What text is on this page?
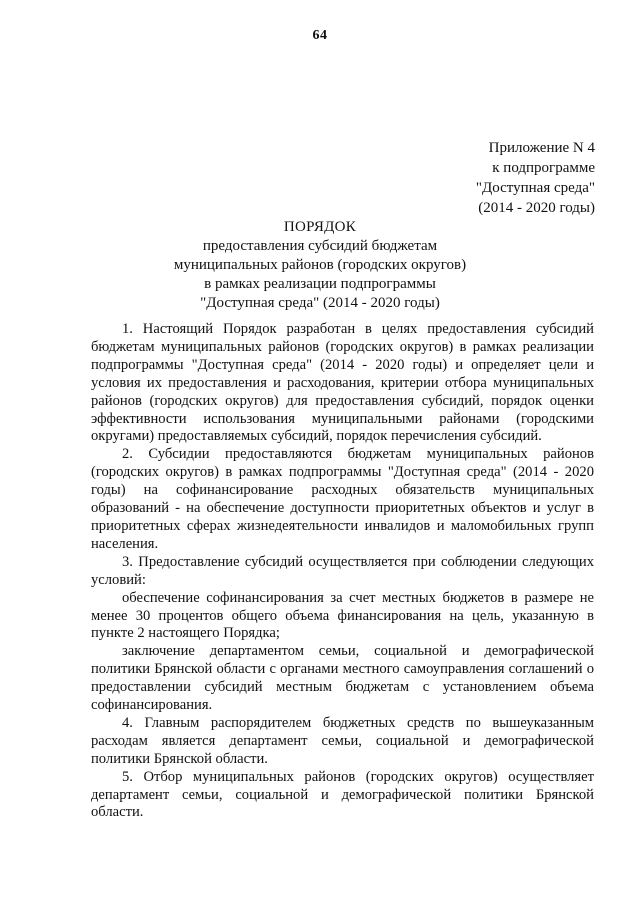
64
Приложение N 4
к подпрограмме
"Доступная среда"
(2014 - 2020 годы)
ПОРЯДОК
предоставления субсидий бюджетам
муниципальных районов (городских округов)
в рамках реализации подпрограммы
"Доступная среда" (2014 - 2020 годы)

1. Настоящий Порядок разработан в целях предоставления субсидий бюджетам муниципальных районов (городских округов) в рамках реализации подпрограммы "Доступная среда" (2014 - 2020 годы) и определяет цели и условия их предоставления и расходования, критерии отбора муниципальных районов (городских округов) для предоставления субсидий, порядок оценки эффективности использования муниципальными районами (городскими округами) предоставляемых субсидий, порядок перечисления субсидий.

2. Субсидии предоставляются бюджетам муниципальных районов (городских округов) в рамках подпрограммы "Доступная среда" (2014 - 2020 годы) на софинансирование расходных обязательств муниципальных образований - на обеспечение доступности приоритетных объектов и услуг в приоритетных сферах жизнедеятельности инвалидов и маломобильных групп населения.

3. Предоставление субсидий осуществляется при соблюдении следующих условий:

обеспечение софинансирования за счет местных бюджетов в размере не менее 30 процентов общего объема финансирования на цель, указанную в пункте 2 настоящего Порядка;

заключение департаментом семьи, социальной и демографической политики Брянской области с органами местного самоуправления соглашений о предоставлении субсидий местным бюджетам с установлением объема софинансирования.

4. Главным распорядителем бюджетных средств по вышеуказанным расходам является департамент семьи, социальной и демографической политики Брянской области.

5. Отбор муниципальных районов (городских округов) осуществляет департамент семьи, социальной и демографической политики Брянской области.
